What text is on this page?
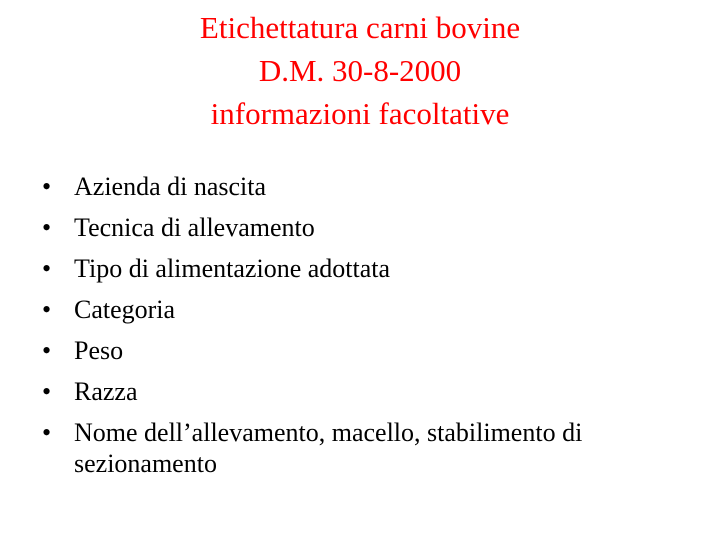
Etichettatura carni bovine
D.M. 30-8-2000
informazioni facoltative
• Azienda di nascita
• Tecnica di allevamento
• Tipo di alimentazione adottata
• Categoria
• Peso
• Razza
• Nome dell’allevamento, macello, stabilimento di sezionamento
